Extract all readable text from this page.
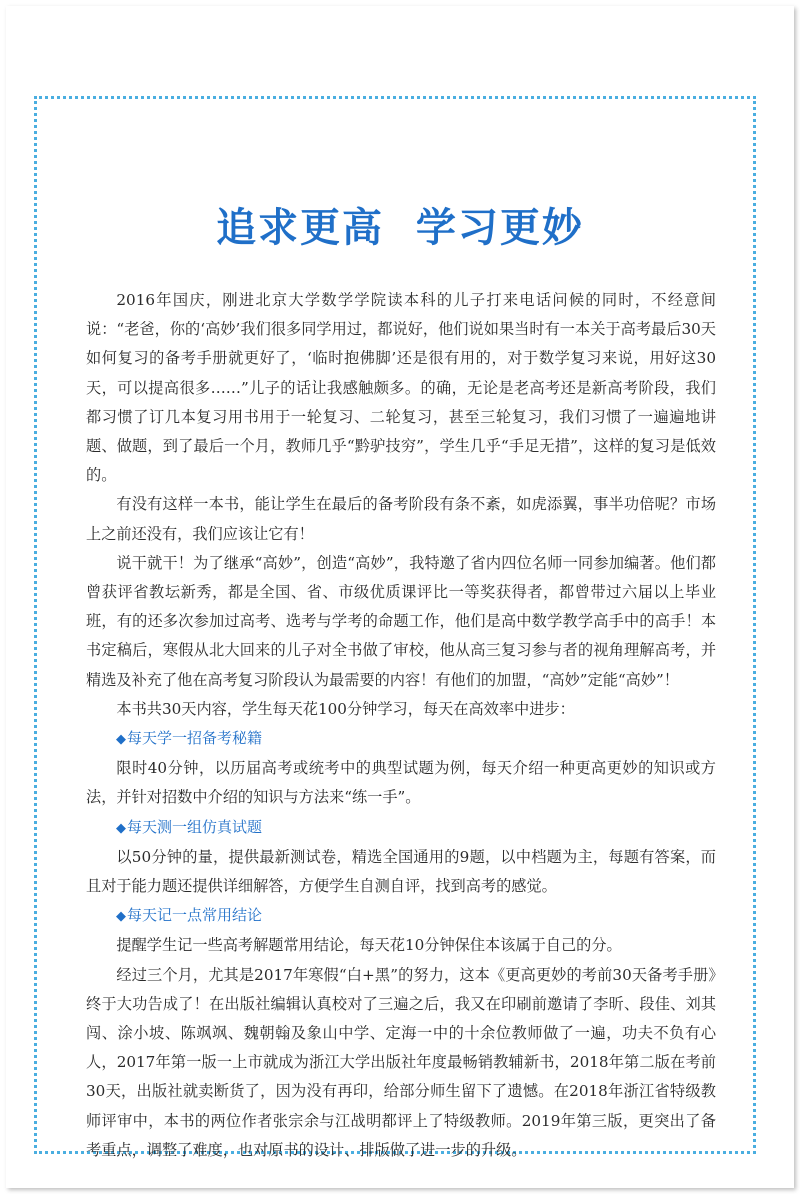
追求更高  学习更妙

2016年国庆，刚进北京大学数学学院读本科的儿子打来电话问候的同时，不经意间说：“老爸，你的‘高妙’我们很多同学用过，都说好，他们说如果当时有一本关于高考最后30天如何复习的备考手册就更好了，‘临时抱佛脚’还是很有用的，对于数学复习来说，用好这30天，可以提高很多……”儿子的话让我感触颇多。的确，无论是老高考还是新高考阶段，我们都习惯了订几本复习用书用于一轮复习、二轮复习，甚至三轮复习，我们习惯了一遍遍地讲题、做题，到了最后一个月，教师几乎“黔驴技穷”，学生几乎“手足无措”，这样的复习是低效的。

有没有这样一本书，能让学生在最后的备考阶段有条不紊，如虎添翼，事半功倍呢？市场上之前还没有，我们应该让它有！

说干就干！为了继承“高妙”，创造“高妙”，我特邀了省内四位名师一同参加编著。他们都曾获评省教坛新秀，都是全国、省、市级优质课评比一等奖获得者，都曾带过六届以上毕业班，有的还多次参加过高考、选考与学考的命题工作，他们是高中数学教学高手中的高手！本书定稿后，寒假从北大回来的儿子对全书做了审校，他从高三复习参与者的视角理解高考，并精选及补充了他在高考复习阶段认为最需要的内容！有他们的加盟，“高妙”定能“高妙”！

本书共30天内容，学生每天花100分钟学习，每天在高效率中进步：

◆每天学一招备考秘籍

限时40分钟，以历届高考或统考中的典型试题为例，每天介绍一种更高更妙的知识或方法，并针对招数中介绍的知识与方法来“练一手”。

◆每天测一组仿真试题

以50分钟的量，提供最新测试卷，精选全国通用的9题，以中档题为主，每题有答案，而且对于能力题还提供详细解答，方便学生自测自评，找到高考的感觉。

◆每天记一点常用结论

提醒学生记一些高考解题常用结论，每天花10分钟保住本该属于自己的分。

经过三个月，尤其是2017年寒假“白+黑”的努力，这本《更高更妙的考前30天备考手册》终于大功告成了！在出版社编辑认真校对了三遍之后，我又在印刷前邀请了李昕、段佳、刘其闯、涂小坡、陈飒飒、魏朝翰及象山中学、定海一中的十余位教师做了一遍，功夫不负有心人，2017年第一版一上市就成为浙江大学出版社年度最畅销教辅新书，2018年第二版在考前30天，出版社就卖断货了，因为没有再印，给部分师生留下了遗憾。在2018年浙江省特级教师评审中，本书的两位作者张宗余与江战明都评上了特级教师。2019年第三版，更突出了备考重点，调整了难度，也对原书的设计、排版做了进一步的升级。
